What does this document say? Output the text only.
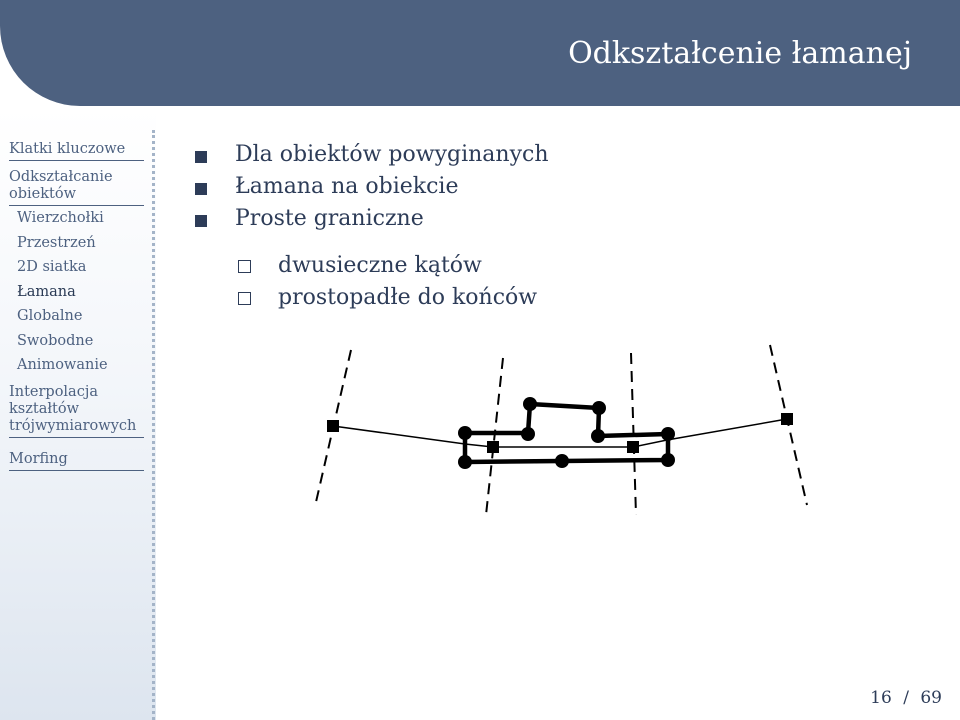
Odkształcenie łamanej
Klatki kluczowe
Odkształcanie
obiektów
Wierzchołki
Przestrzeń
2D siatka
Łamana
Globalne
Swobodne
Animowanie
Interpolacja
kształtów
trójwymiarowych
Morfing
Dla obiektów powyginanych
Łamana na obiekcie
Proste graniczne
dwusieczne kątów
prostopadłe do końców
16 / 69
